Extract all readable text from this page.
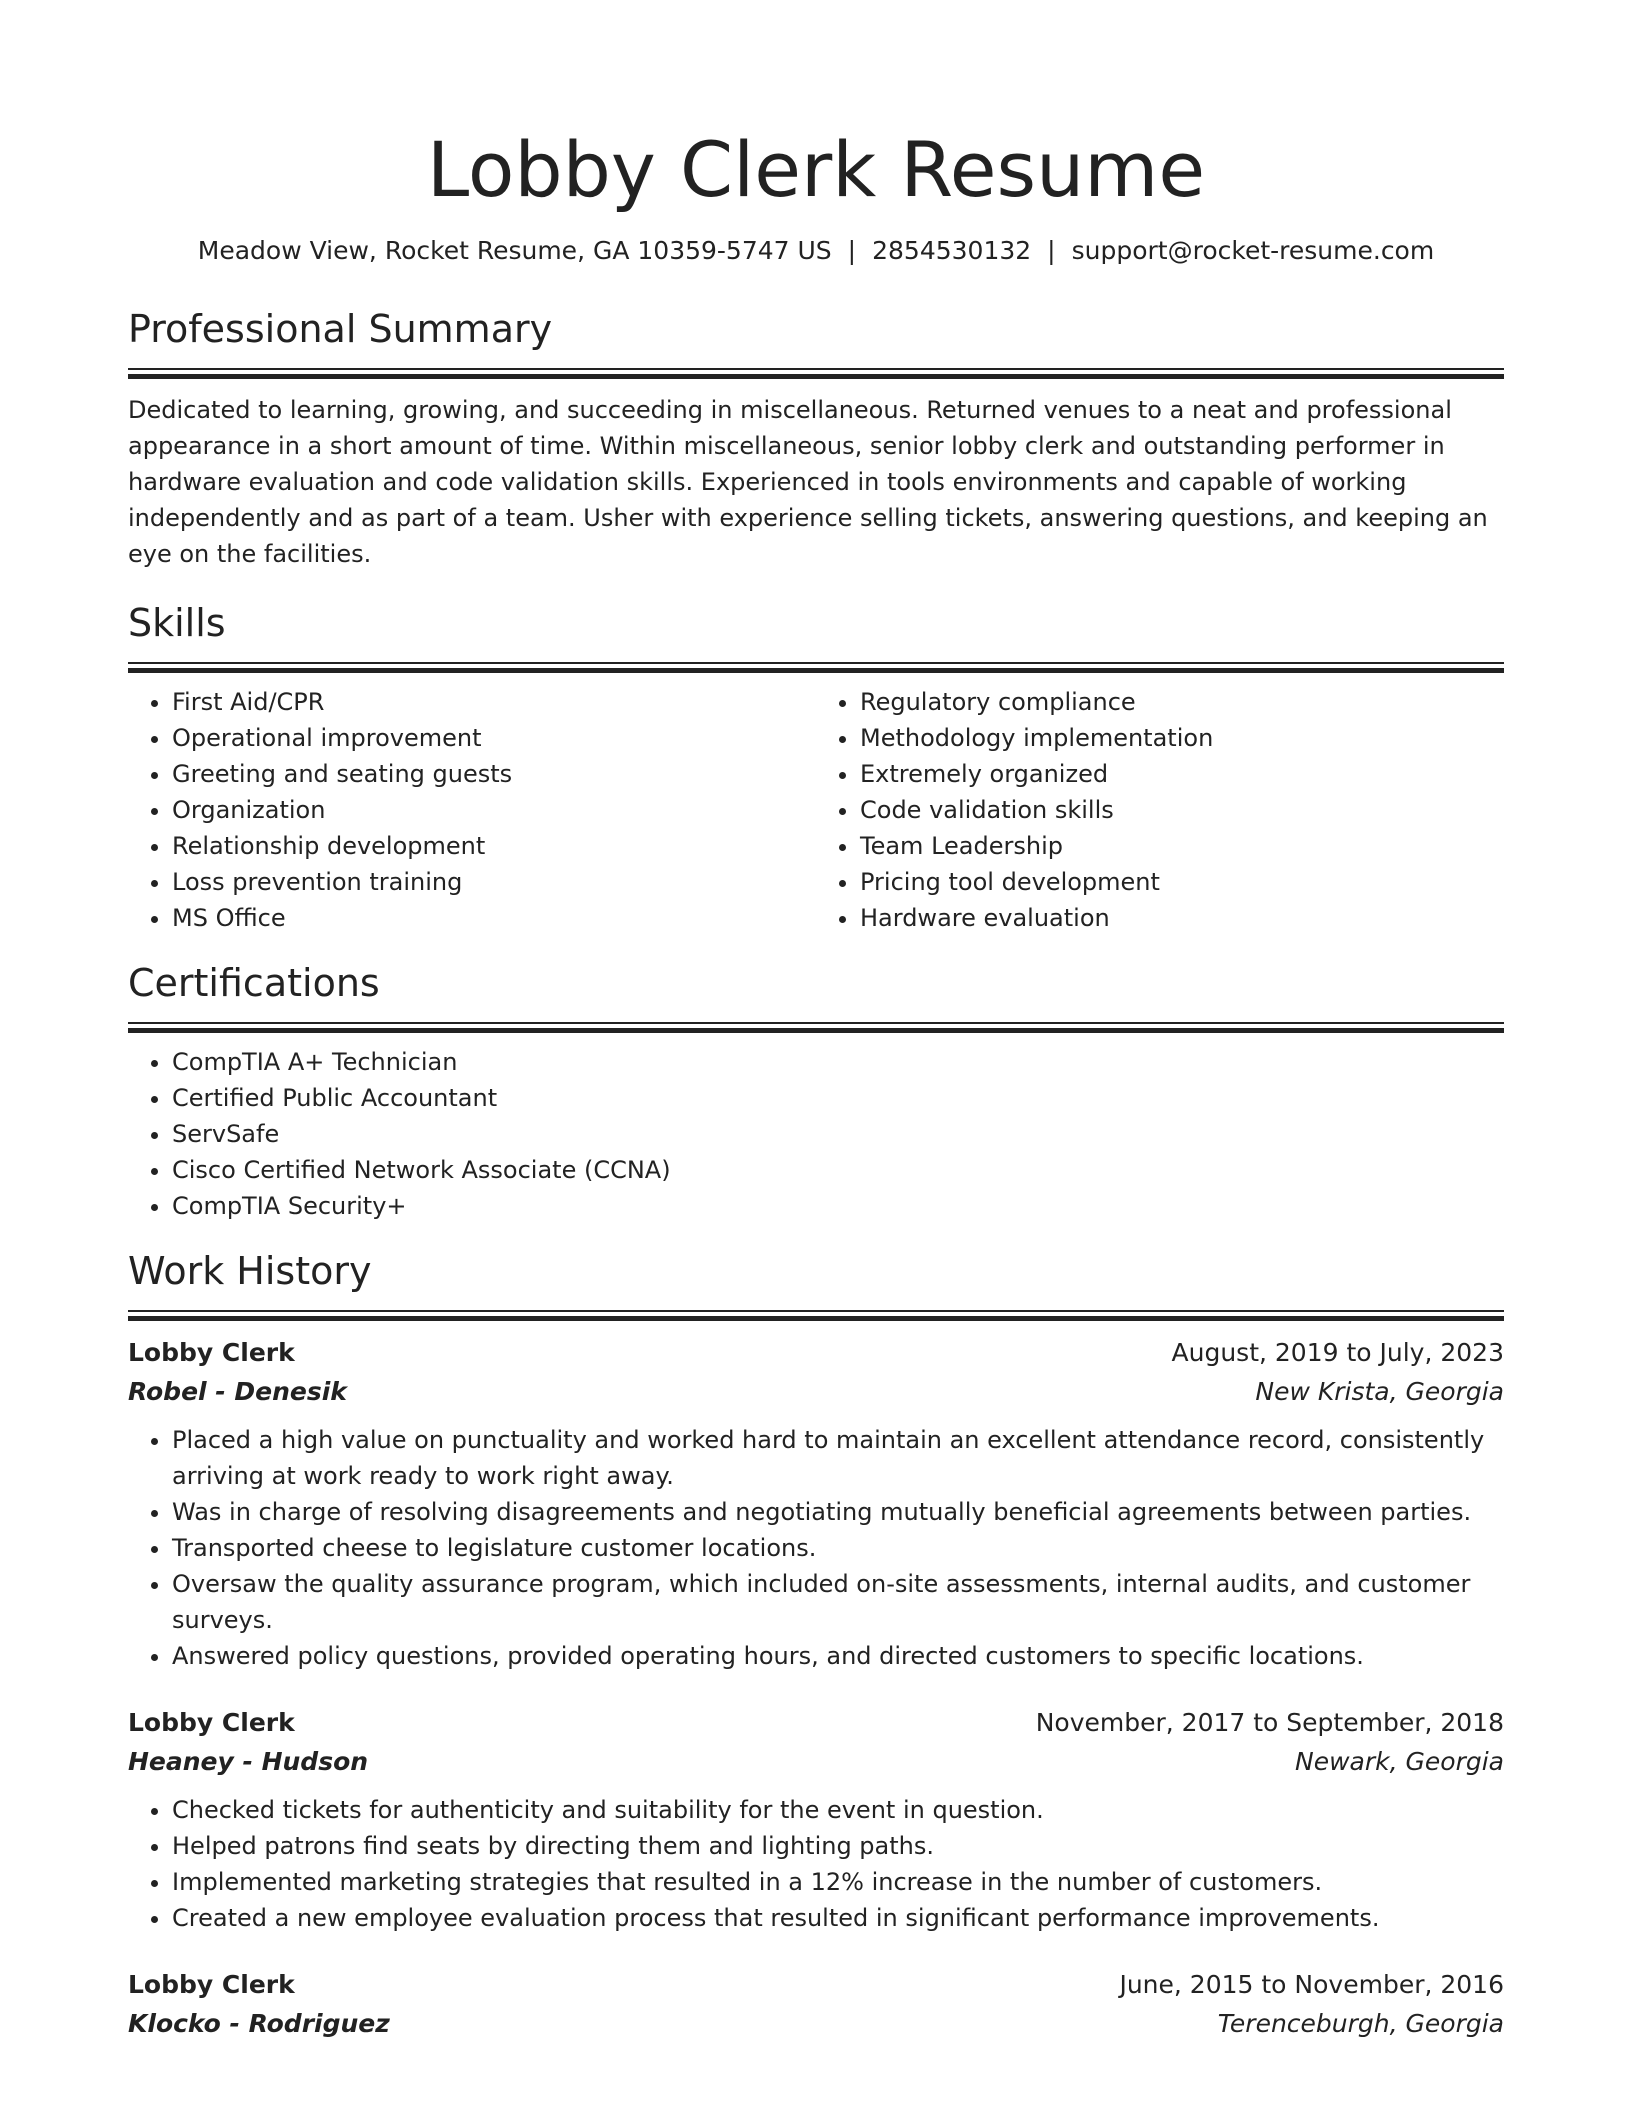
Lobby Clerk Resume
Meadow View, Rocket Resume, GA 10359-5747 US | 2854530132 | support@rocket-resume.com
Professional Summary

Dedicated to learning, growing, and succeeding in miscellaneous. Returned venues to a neat and professional appearance in a short amount of time. Within miscellaneous, senior lobby clerk and outstanding performer in hardware evaluation and code validation skills. Experienced in tools environments and capable of working independently and as part of a team. Usher with experience selling tickets, answering questions, and keeping an eye on the facilities.

Skills
• First Aid/CPR
• Operational improvement
• Greeting and seating guests
• Organization
• Relationship development
• Loss prevention training
• MS Office
• Regulatory compliance
• Methodology implementation
• Extremely organized
• Code validation skills
• Team Leadership
• Pricing tool development
• Hardware evaluation
Certifications
• CompTIA A+ Technician
• Certified Public Accountant
• ServSafe
• Cisco Certified Network Associate (CCNA)
• CompTIA Security+
Work History
Lobby Clerk	August, 2019 to July, 2023
Robel - Denesik	New Krista, Georgia
• Placed a high value on punctuality and worked hard to maintain an excellent attendance record, consistently arriving at work ready to work right away.
• Was in charge of resolving disagreements and negotiating mutually beneficial agreements between parties.
• Transported cheese to legislature customer locations.
• Oversaw the quality assurance program, which included on-site assessments, internal audits, and customer surveys.
• Answered policy questions, provided operating hours, and directed customers to specific locations.
Lobby Clerk	November, 2017 to September, 2018
Heaney - Hudson	Newark, Georgia
• Checked tickets for authenticity and suitability for the event in question.
• Helped patrons find seats by directing them and lighting paths.
• Implemented marketing strategies that resulted in a 12% increase in the number of customers.
• Created a new employee evaluation process that resulted in significant performance improvements.
Lobby Clerk	June, 2015 to November, 2016
Klocko - Rodriguez	Terenceburgh, Georgia
